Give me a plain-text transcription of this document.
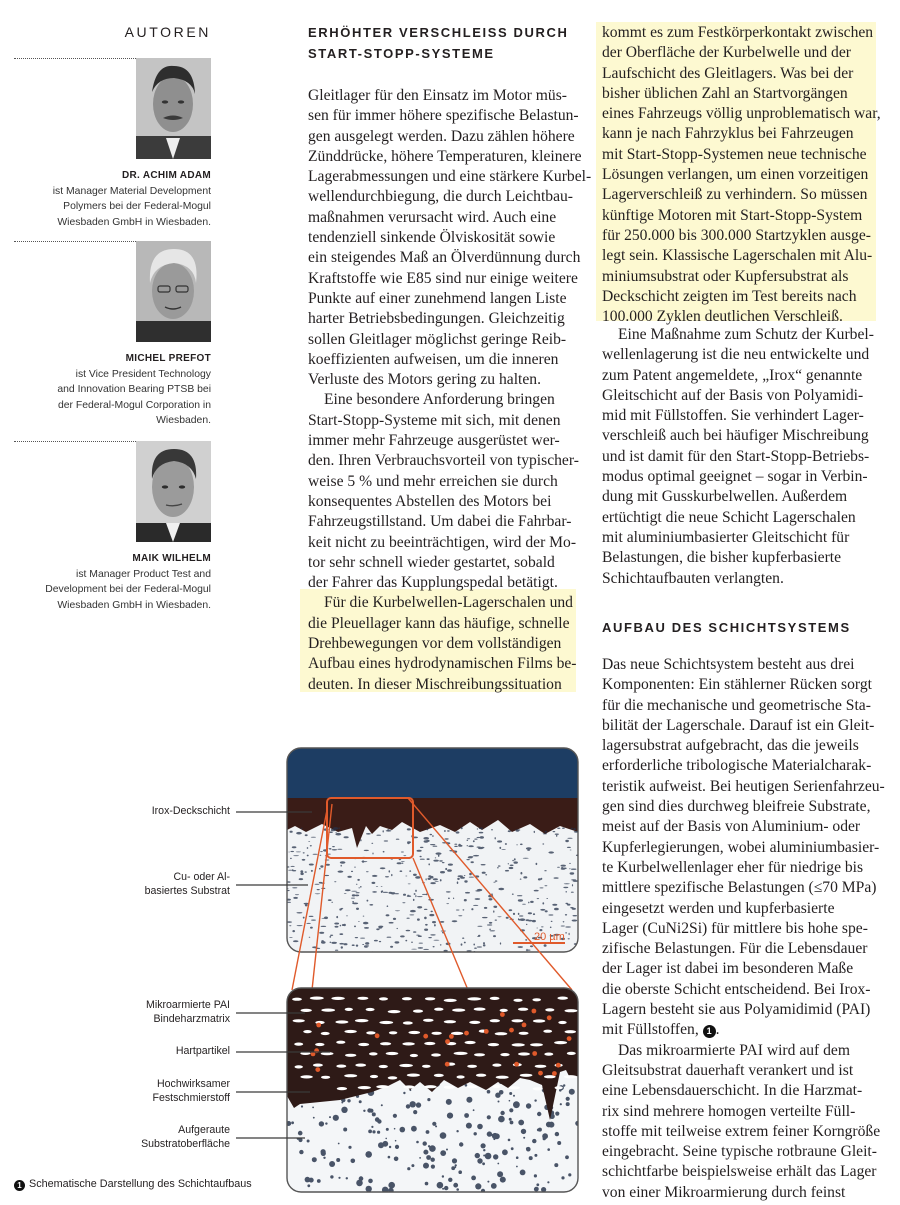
AUTOREN
DR. ACHIM ADAM
ist Manager Material Development
Polymers bei der Federal-Mogul
Wiesbaden GmbH in Wiesbaden.
MICHEL PREFOT
ist Vice President Technology
and Innovation Bearing PTSB bei
der Federal-Mogul Corporation in
Wiesbaden.
MAIK WILHELM
ist Manager Product Test and
Development bei der Federal-Mogul
Wiesbaden GmbH in Wiesbaden.
ERHÖHTER VERSCHLEISS DURCH
START-STOPP-SYSTEME
Gleitlager für den Einsatz im Motor müs-
sen für immer höhere spezifische Belastun-
gen ausgelegt werden. Dazu zählen höhere
Zünddrücke, höhere Temperaturen, kleinere
Lagerabmessungen und eine stärkere Kurbel-
wellendurchbiegung, die durch Leichtbau-
maßnahmen verursacht wird. Auch eine
tendenziell sinkende Ölviskosität sowie
ein steigendes Maß an Ölverdünnung durch
Kraftstoffe wie E85 sind nur einige weitere
Punkte auf einer zunehmend langen Liste
harter Betriebsbedingungen. Gleichzeitig
sollen Gleitlager möglichst geringe Reib-
koeffizienten aufweisen, um die inneren
Verluste des Motors gering zu halten.
Eine besondere Anforderung bringen
Start-Stopp-Systeme mit sich, mit denen
immer mehr Fahrzeuge ausgerüstet wer-
den. Ihren Verbrauchsvorteil von typischer-
weise 5 % und mehr erreichen sie durch
konsequentes Abstellen des Motors bei
Fahrzeugstillstand. Um dabei die Fahrbar-
keit nicht zu beeinträchtigen, wird der Mo-
tor sehr schnell wieder gestartet, sobald
der Fahrer das Kupplungspedal betätigt.
Für die Kurbelwellen-Lagerschalen und
die Pleuellager kann das häufige, schnelle
Drehbewegungen vor dem vollständigen
Aufbau eines hydrodynamischen Films be-
deuten. In dieser Mischreibungssituation
kommt es zum Festkörperkontakt zwischen
der Oberfläche der Kurbelwelle und der
Laufschicht des Gleitlagers. Was bei der
bisher üblichen Zahl an Startvorgängen
eines Fahrzeugs völlig unproblematisch war,
kann je nach Fahrzyklus bei Fahrzeugen
mit Start-Stopp-Systemen neue technische
Lösungen verlangen, um einen vorzeitigen
Lagerverschleiß zu verhindern. So müssen
künftige Motoren mit Start-Stopp-System
für 250.000 bis 300.000 Startzyklen ausge-
legt sein. Klassische Lagerschalen mit Alu-
miniumsubstrat oder Kupfersubstrat als
Deckschicht zeigten im Test bereits nach
100.000 Zyklen deutlichen Verschleiß.
Eine Maßnahme zum Schutz der Kurbel-
wellenlagerung ist die neu entwickelte und
zum Patent angemeldete, „Irox“ genannte
Gleitschicht auf der Basis von Polyamidi-
mid mit Füllstoffen. Sie verhindert Lager-
verschleiß auch bei häufiger Mischreibung
und ist damit für den Start-Stopp-Betriebs-
modus optimal geeignet – sogar in Verbin-
dung mit Gusskurbelwellen. Außerdem
ertüchtigt die neue Schicht Lagerschalen
mit aluminiumbasierter Gleitschicht für
Belastungen, die bisher kupferbasierte
Schichtaufbauten verlangten.
AUFBAU DES SCHICHTSYSTEMS
Das neue Schichtsystem besteht aus drei
Komponenten: Ein stählerner Rücken sorgt
für die mechanische und geometrische Sta-
bilität der Lagerschale. Darauf ist ein Gleit-
lagersubstrat aufgebracht, das die jeweils
erforderliche tribologische Materialcharak-
teristik aufweist. Bei heutigen Serienfahrzeu-
gen sind dies durchweg bleifreie Substrate,
meist auf der Basis von Aluminium- oder
Kupferlegierungen, wobei aluminiumbasier-
te Kurbelwellenlager eher für niedrige bis
mittlere spezifische Belastungen (≤70 MPa)
eingesetzt werden und kupferbasierte
Lager (CuNi2Si) für mittlere bis hohe spe-
zifische Belastungen. Für die Lebensdauer
der Lager ist dabei im besonderen Maße
die oberste Schicht entscheidend. Bei Irox-
Lagern besteht sie aus Polyamidimid (PAI)
mit Füllstoffen, 1 .
Das mikroarmierte PAI wird auf dem
Gleitsubstrat dauerhaft verankert und ist
eine Lebensdauerschicht. In die Harzmat-
rix sind mehrere homogen verteilte Füll-
stoffe mit teilweise extrem feiner Korngröße
eingebracht. Seine typische rotbraune Gleit-
schichtfarbe beispielsweise erhält das Lager
von einer Mikroarmierung durch feinst
20 µm
Irox-Deckschicht
Cu- oder Al-
basiertes Substrat
Mikroarmierte PAI
Bindeharzmatrix
Hartpartikel
Hochwirksamer
Festschmierstoff
Aufgeraute
Substratoberfläche
1 Schematische Darstellung des Schichtaufbaus
